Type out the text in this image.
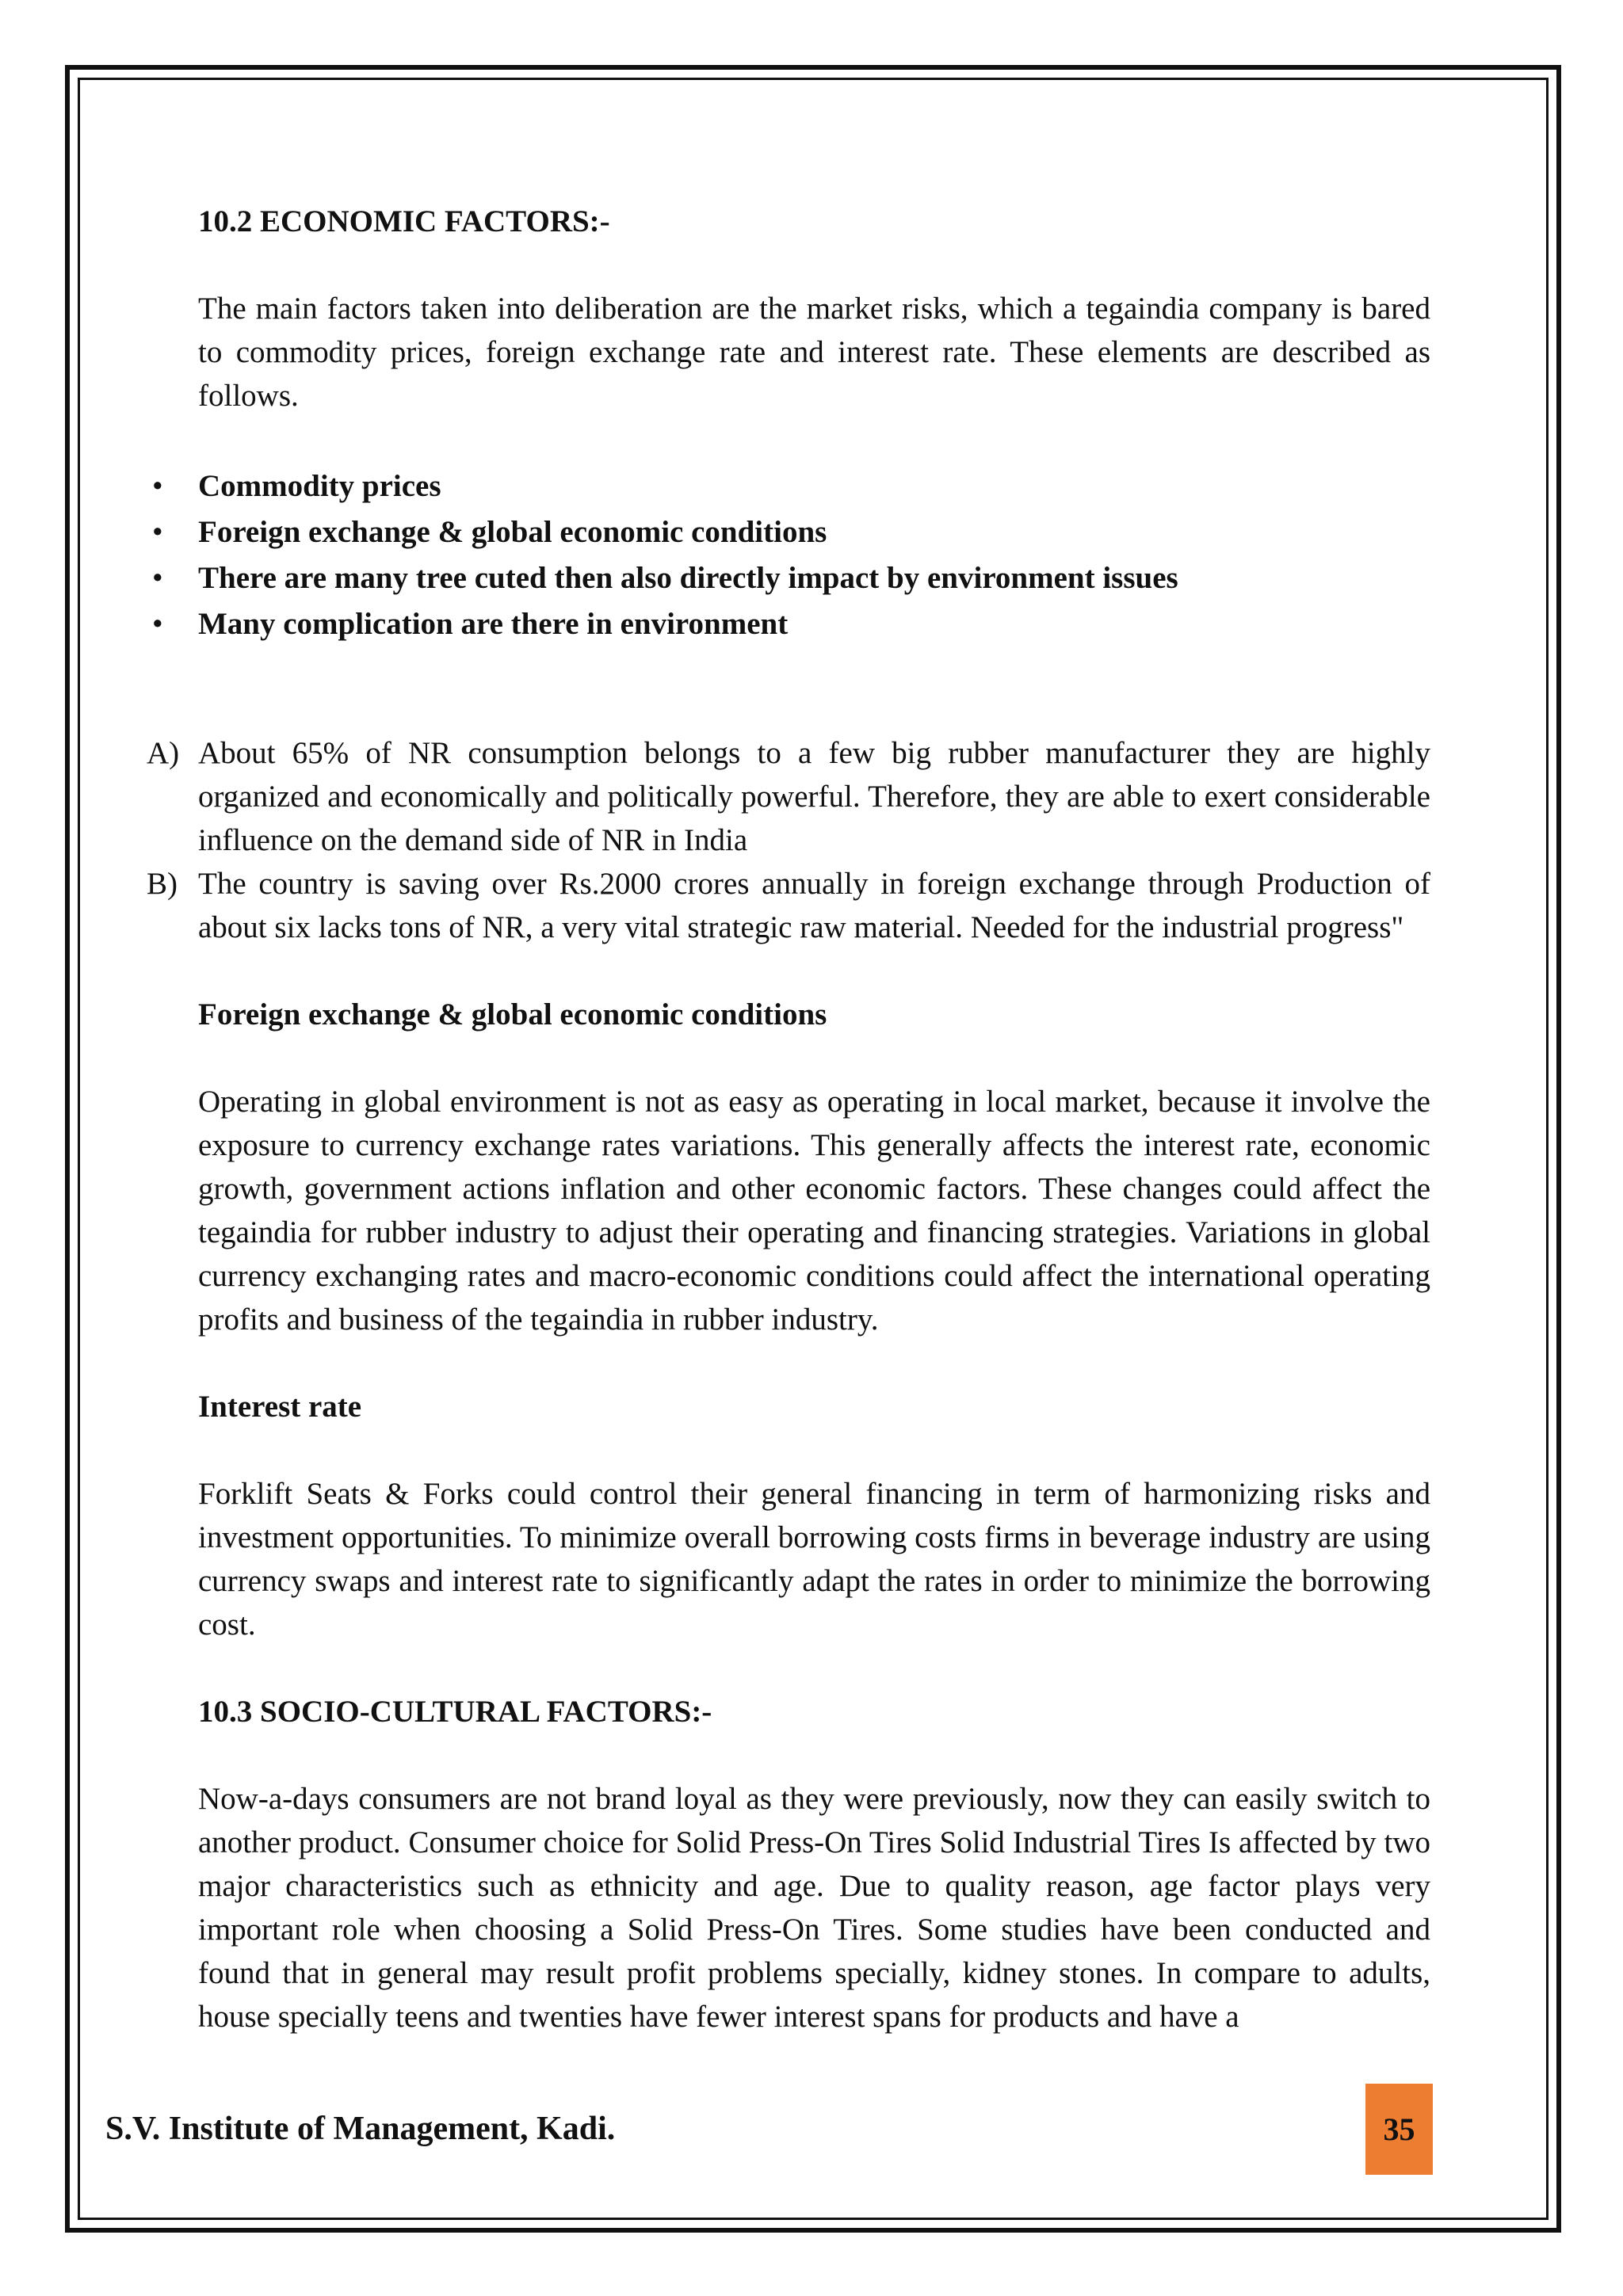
10.2 ECONOMIC FACTORS:-

The main factors taken into deliberation are the market risks, which a tegaindia company is bared to commodity prices, foreign exchange rate and interest rate. These elements are described as follows.

• Commodity prices
• Foreign exchange & global economic conditions
• There are many tree cuted then also directly impact by environment issues
• Many complication are there in environment
A) About 65% of NR consumption belongs to a few big rubber manufacturer they are highly organized and economically and politically powerful. Therefore, they are able to exert considerable influence on the demand side of NR in India
B) The country is saving over Rs.2000 crores annually in foreign exchange through Production of about six lacks tons of NR, a very vital strategic raw material. Needed for the industrial progress"

Foreign exchange & global economic conditions

Operating in global environment is not as easy as operating in local market, because it involve the exposure to currency exchange rates variations. This generally affects the interest rate, economic growth, government actions inflation and other economic factors. These changes could affect the tegaindia for rubber industry to adjust their operating and financing strategies. Variations in global currency exchanging rates and macro-economic conditions could affect the international operating profits and business of the tegaindia in rubber industry.

Interest rate

Forklift Seats & Forks could control their general financing in term of harmonizing risks and investment opportunities. To minimize overall borrowing costs firms in beverage industry are using currency swaps and interest rate to significantly adapt the rates in order to minimize the borrowing cost.

10.3 SOCIO-CULTURAL FACTORS:-

Now-a-days consumers are not brand loyal as they were previously, now they can easily switch to another product. Consumer choice for Solid Press-On Tires Solid Industrial Tires Is affected by two major characteristics such as ethnicity and age. Due to quality reason, age factor plays very important role when choosing a Solid Press-On Tires. Some studies have been conducted and found that in general may result profit problems specially, kidney stones. In compare to adults, house specially teens and twenties have fewer interest spans for products and have a

S.V. Institute of Management, Kadi.	35
